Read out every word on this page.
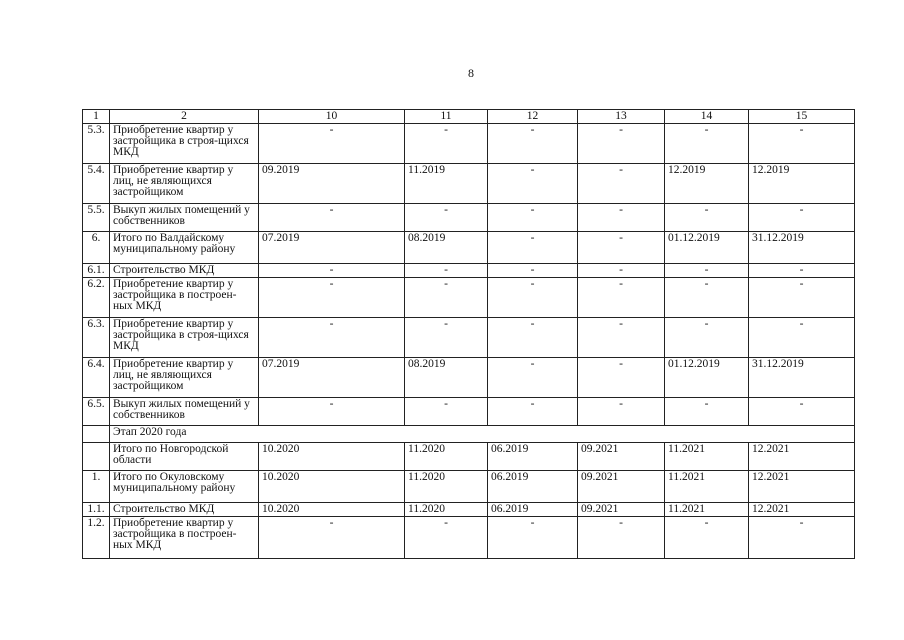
8
1	2	10	11	12	13	14	15
5.3.	Приобретение квартир у застройщика в строя-щихся МКД	-	-	-	-	-	-
5.4.	Приобретение квартир у лиц, не являющихся застройщиком	09.2019	11.2019	-	-	12.2019	12.2019
5.5.	Выкуп жилых помещений у собственников	-	-	-	-	-	-
6.	Итого по Валдайскому муниципальному району	07.2019	08.2019	-	-	01.12.2019	31.12.2019
6.1.	Строительство МКД	-	-	-	-	-	-
6.2.	Приобретение квартир у застройщика в построен-ных МКД	-	-	-	-	-	-
6.3.	Приобретение квартир у застройщика в строя-щихся МКД	-	-	-	-	-	-
6.4.	Приобретение квартир у лиц, не являющихся застройщиком	07.2019	08.2019	-	-	01.12.2019	31.12.2019
6.5.	Выкуп жилых помещений у собственников	-	-	-	-	-	-
	Этап 2020 года						
	Итого по Новгородской области	10.2020	11.2020	06.2019	09.2021	11.2021	12.2021
1.	Итого по Окуловскому муниципальному району	10.2020	11.2020	06.2019	09.2021	11.2021	12.2021
1.1.	Строительство МКД	10.2020	11.2020	06.2019	09.2021	11.2021	12.2021
1.2.	Приобретение квартир у застройщика в построен-ных МКД	-	-	-	-	-	-
